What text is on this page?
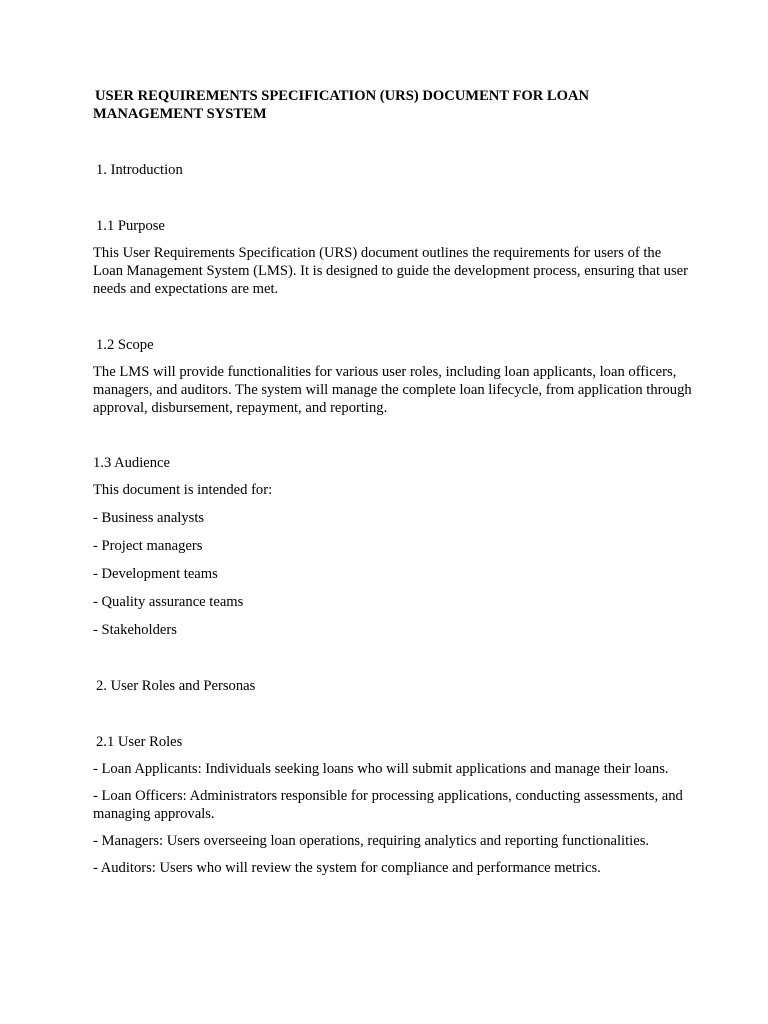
USER REQUIREMENTS SPECIFICATION (URS) DOCUMENT FOR LOAN
MANAGEMENT SYSTEM
1. Introduction
1.1 Purpose

This User Requirements Specification (URS) document outlines the requirements for users of the Loan Management System (LMS). It is designed to guide the development process, ensuring that user needs and expectations are met.

1.2 Scope

The LMS will provide functionalities for various user roles, including loan applicants, loan officers, managers, and auditors. The system will manage the complete loan lifecycle, from application through approval, disbursement, repayment, and reporting.

1.3 Audience

This document is intended for:

- Business analysts

- Project managers

- Development teams

- Quality assurance teams

- Stakeholders

2. User Roles and Personas
2.1 User Roles

- Loan Applicants: Individuals seeking loans who will submit applications and manage their loans.

- Loan Officers: Administrators responsible for processing applications, conducting assessments, and managing approvals.

- Managers: Users overseeing loan operations, requiring analytics and reporting functionalities.

- Auditors: Users who will review the system for compliance and performance metrics.
